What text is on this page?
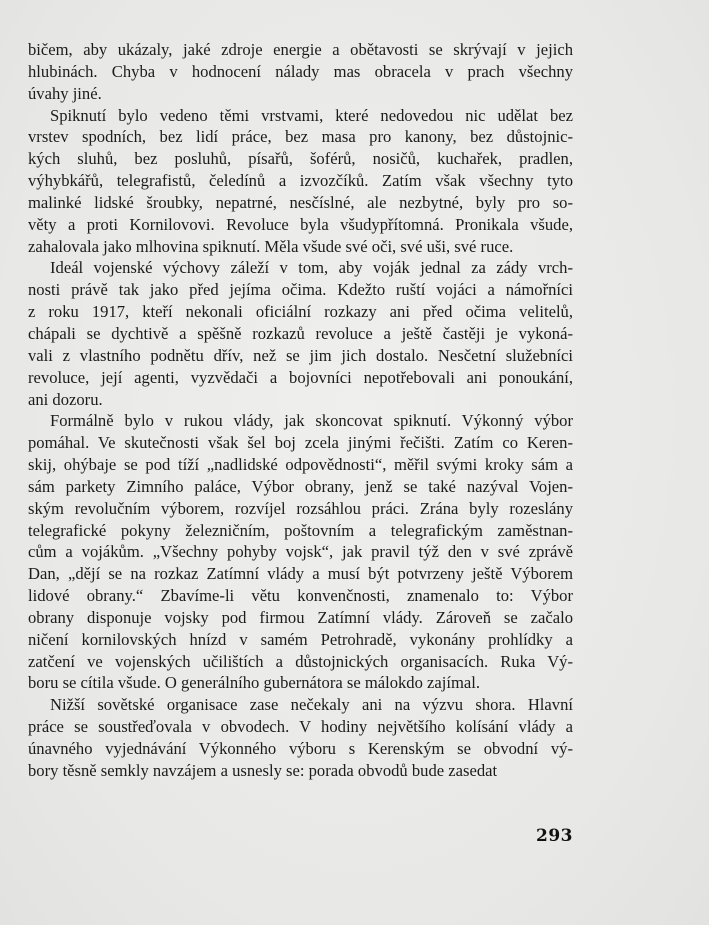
bičem, aby ukázaly, jaké zdroje energie a obětavosti se skrývají v jejich
hlubinách. Chyba v hodnocení nálady mas obracela v prach všechny
úvahy jiné.
Spiknutí bylo vedeno těmi vrstvami, které nedovedou nic udělat bez
vrstev spodních, bez lidí práce, bez masa pro kanony, bez důstojnic-
kých sluhů, bez posluhů, písařů, šoférů, nosičů, kuchařek, pradlen,
výhybkářů, telegrafistů, čeledínů a izvozčíků. Zatím však všechny tyto
malinké lidské šroubky, nepatrné, nesčíslné, ale nezbytné, byly pro so-
věty a proti Kornilovovi. Revoluce byla všudypřítomná. Pronikala všude,
zahalovala jako mlhovina spiknutí. Měla všude své oči, své uši, své ruce.
Ideál vojenské výchovy záleží v tom, aby voják jednal za zády vrch-
nosti právě tak jako před jejíma očima. Kdežto ruští vojáci a námořníci
z roku 1917, kteří nekonali oficiální rozkazy ani před očima velitelů,
chápali se dychtivě a spěšně rozkazů revoluce a ještě častěji je vykoná-
vali z vlastního podnětu dřív, než se jim jich dostalo. Nesčetní služebníci
revoluce, její agenti, vyzvědači a bojovníci nepotřebovali ani ponoukání,
ani dozoru.
Formálně bylo v rukou vlády, jak skoncovat spiknutí. Výkonný výbor
pomáhal. Ve skutečnosti však šel boj zcela jinými řečišti. Zatím co Keren-
skij, ohýbaje se pod tíží „nadlidské odpovědnosti“, měřil svými kroky sám a
sám parkety Zimního paláce, Výbor obrany, jenž se také nazýval Vojen-
ským revolučním výborem, rozvíjel rozsáhlou práci. Zrána byly rozeslány
telegrafické pokyny železničním, poštovním a telegrafickým zaměstnan-
cům a vojákům. „Všechny pohyby vojsk“, jak pravil týž den v své zprávě
Dan, „dějí se na rozkaz Zatímní vlády a musí být potvrzeny ještě Výborem
lidové obrany.“ Zbavíme-li větu konvenčnosti, znamenalo to: Výbor
obrany disponuje vojsky pod firmou Zatímní vlády. Zároveň se začalo
ničení kornilovských hnízd v samém Petrohradě, vykonány prohlídky a
zatčení ve vojenských učilištích a důstojnických organisacích. Ruka Vý-
boru se cítila všude. O generálního gubernátora se málokdo zajímal.
Nižší sovětské organisace zase nečekaly ani na výzvu shora. Hlavní
práce se soustřeďovala v obvodech. V hodiny největšího kolísání vlády a
únavného vyjednávání Výkonného výboru s Kerenským se obvodní vý-
bory těsně semkly navzájem a usnesly se: porada obvodů bude zasedat
293
